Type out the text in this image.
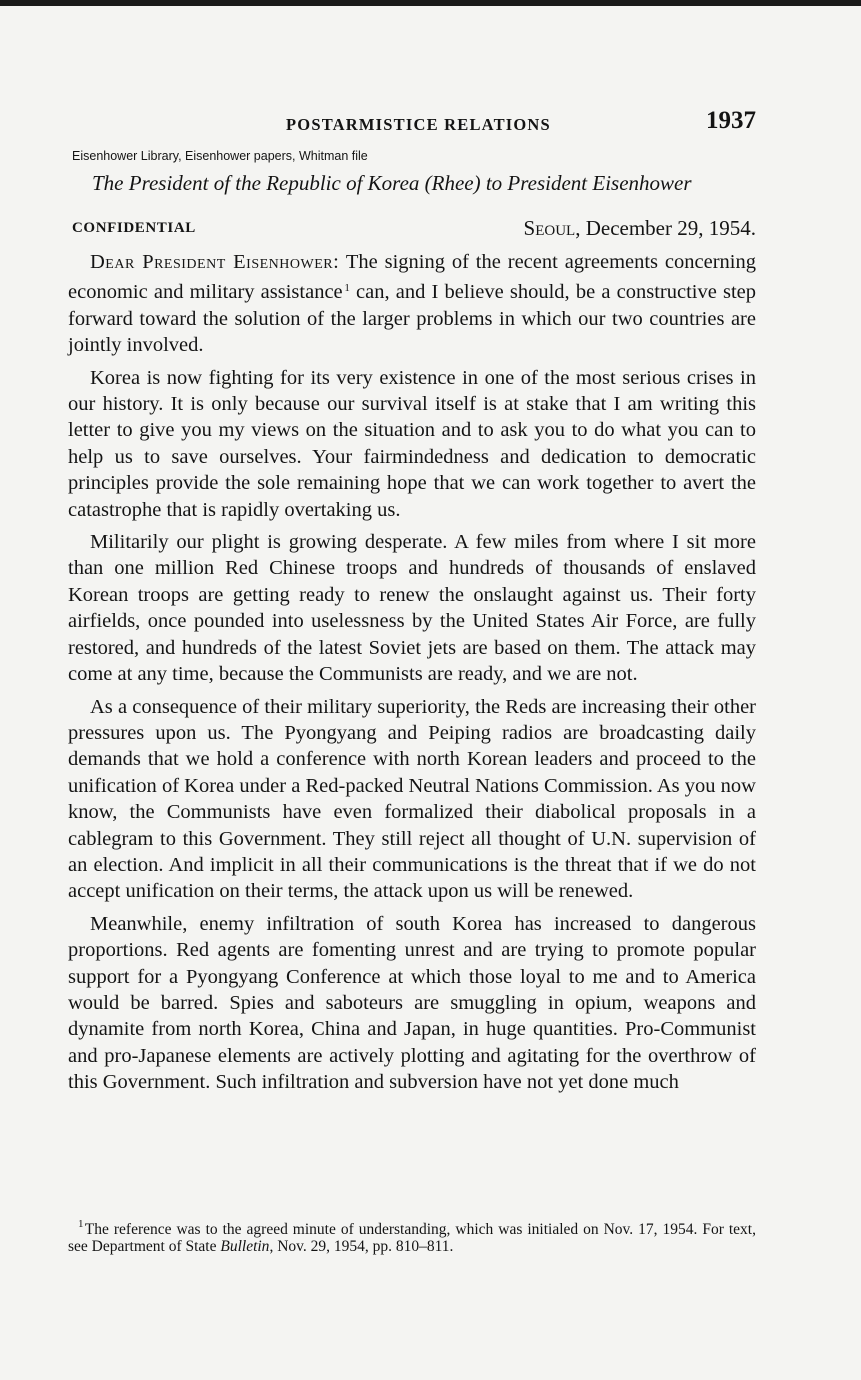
POSTARMISTICE RELATIONS	1937
Eisenhower Library, Eisenhower papers, Whitman file
The President of the Republic of Korea (Rhee) to President Eisenhower
CONFIDENTIAL	Seoul, December 29, 1954.

Dear President Eisenhower: The signing of the recent agreements concerning economic and military assistance  $^1$ can, and I believe should, be a constructive step forward toward the solution of the larger problems in which our two countries are jointly involved.

Korea is now fighting for its very existence in one of the most serious crises in our history. It is only because our survival itself is at stake that I am writing this letter to give you my views on the situation and to ask you to do what you can to help us to save ourselves. Your fairmindedness and dedication to democratic principles provide the sole remaining hope that we can work together to avert the catastrophe that is rapidly overtaking us.

Militarily our plight is growing desperate. A few miles from where I sit more than one million Red Chinese troops and hundreds of thousands of enslaved Korean troops are getting ready to renew the onslaught against us. Their forty airfields, once pounded into uselessness by the United States Air Force, are fully restored, and hundreds of the latest Soviet jets are based on them. The attack may come at any time, because the Communists are ready, and we are not.

As a consequence of their military superiority, the Reds are increasing their other pressures upon us. The Pyongyang and Peiping radios are broadcasting daily demands that we hold a conference with north Korean leaders and proceed to the unification of Korea under a Red-packed Neutral Nations Commission. As you now know, the Communists have even formalized their diabolical proposals in a cablegram to this Government. They still reject all thought of U.N. supervision of an election. And implicit in all their communications is the threat that if we do not accept unification on their terms, the attack upon us will be renewed.

Meanwhile, enemy infiltration of south Korea has increased to dangerous proportions. Red agents are fomenting unrest and are trying to promote popular support for a Pyongyang Conference at which those loyal to me and to America would be barred. Spies and saboteurs are smuggling in opium, weapons and dynamite from north Korea, China and Japan, in huge quantities. Pro-Communist and pro-Japanese elements are actively plotting and agitating for the overthrow of this Government. Such infiltration and subversion have not yet done much

$^1$ The reference was to the agreed minute of understanding, which was initialed on Nov. 17, 1954. For text, see Department of State Bulletin, Nov. 29, 1954, pp. 810–811.
